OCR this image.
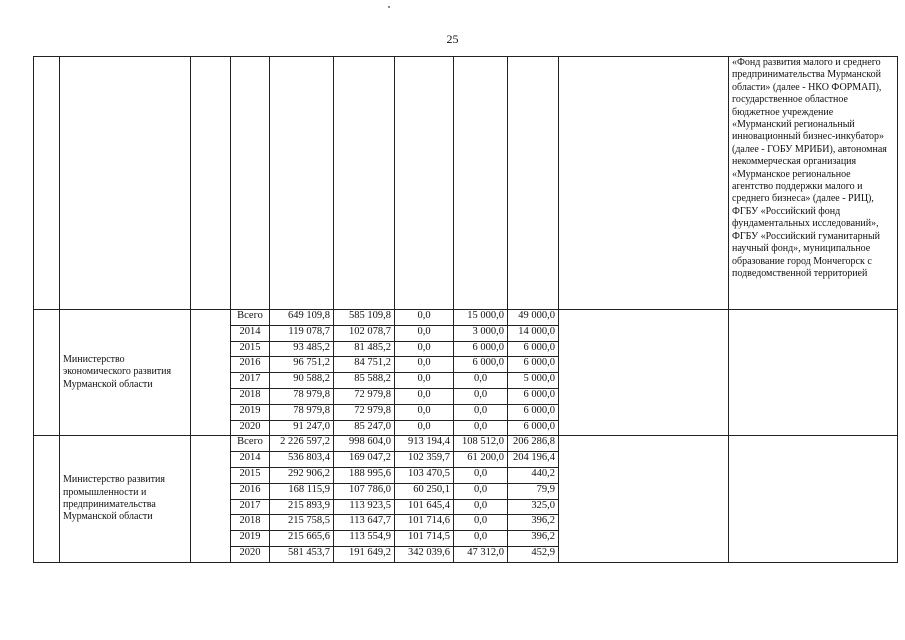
25
										«Фонд развития малого и среднего предпринимательства Мурманской области» (далее - НКО ФОРМАП), государственное областное бюджетное учреждение «Мурманский региональный инновационный бизнес-инкубатор» (далее - ГОБУ МРИБИ), автономная некоммерческая организация «Мурманское региональное агентство поддержки малого и среднего бизнеса» (далее - РИЦ), ФГБУ «Российский фонд фундаментальных исследований», ФГБУ «Российский гуманитарный научный фонд», муниципальное образование город Мончегорск с подведомственной территорией
	Министерство экономического развития Мурманской области		Всего	649 109,8	585 109,8	0,0	15 000,0	49 000,0		
			2014	119 078,7	102 078,7	0,0	3 000,0	14 000,0		
			2015	93 485,2	81 485,2	0,0	6 000,0	6 000,0		
			2016	96 751,2	84 751,2	0,0	6 000,0	6 000,0		
			2017	90 588,2	85 588,2	0,0	0,0	5 000,0		
			2018	78 979,8	72 979,8	0,0	0,0	6 000,0		
			2019	78 979,8	72 979,8	0,0	0,0	6 000,0		
			2020	91 247,0	85 247,0	0,0	0,0	6 000,0		
	Министерство развития промышленности и предпринимательства Мурманской области		Всего	2 226 597,2	998 604,0	913 194,4	108 512,0	206 286,8		
			2014	536 803,4	169 047,2	102 359,7	61 200,0	204 196,4		
			2015	292 906,2	188 995,6	103 470,5	0,0	440,2		
			2016	168 115,9	107 786,0	60 250,1	0,0	79,9		
			2017	215 893,9	113 923,5	101 645,4	0,0	325,0		
			2018	215 758,5	113 647,7	101 714,6	0,0	396,2		
			2019	215 665,6	113 554,9	101 714,5	0,0	396,2		
			2020	581 453,7	191 649,2	342 039,6	47 312,0	452,9		
